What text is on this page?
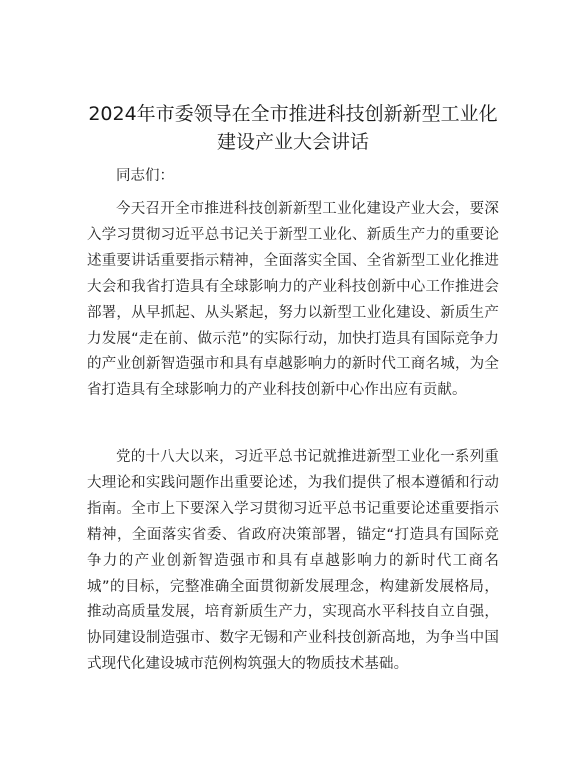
2024年市委领导在全市推进科技创新新型工业化建设产业大会讲话

同志们：

今天召开全市推进科技创新新型工业化建设产业大会，要深入学习贯彻习近平总书记关于新型工业化、新质生产力的重要论述重要讲话重要指示精神，全面落实全国、全省新型工业化推进大会和我省打造具有全球影响力的产业科技创新中心工作推进会部署，从早抓起、从头紧起，努力以新型工业化建设、新质生产力发展“走在前、做示范”的实际行动，加快打造具有国际竞争力的产业创新智造强市和具有卓越影响力的新时代工商名城，为全省打造具有全球影响力的产业科技创新中心作出应有贡献。

党的十八大以来，习近平总书记就推进新型工业化一系列重大理论和实践问题作出重要论述，为我们提供了根本遵循和行动指南。全市上下要深入学习贯彻习近平总书记重要论述重要指示精神，全面落实省委、省政府决策部署，锚定“打造具有国际竞争力的产业创新智造强市和具有卓越影响力的新时代工商名城”的目标，完整准确全面贯彻新发展理念，构建新发展格局，推动高质量发展，培育新质生产力，实现高水平科技自立自强，协同建设制造强市、数字无锡和产业科技创新高地，为争当中国式现代化建设城市范例构筑强大的物质技术基础。
